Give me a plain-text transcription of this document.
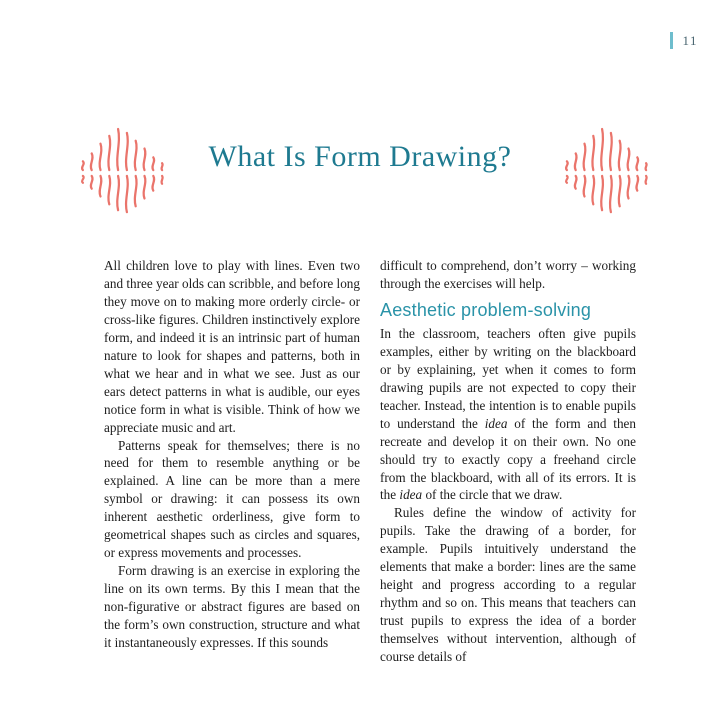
11
What Is Form Drawing?

All children love to play with lines. Even two and three year olds can scribble, and before long they move on to making more orderly circle- or cross-like figures. Children instinctively explore form, and indeed it is an intrinsic part of human nature to look for shapes and patterns, both in what we hear and in what we see. Just as our ears detect patterns in what is audible, our eyes notice form in what is visible. Think of how we appreciate music and art.

Patterns speak for themselves; there is no need for them to resemble anything or be explained. A line can be more than a mere symbol or drawing: it can possess its own inherent aesthetic orderliness, give form to geometrical shapes such as circles and squares, or express movements and processes.

Form drawing is an exercise in exploring the line on its own terms. By this I mean that the non-figurative or abstract figures are based on the form’s own construction, structure and what it instantaneously expresses. If this sounds

difficult to comprehend, don’t worry – working through the exercises will help.

Aesthetic problem-solving

In the classroom, teachers often give pupils examples, either by writing on the blackboard or by explaining, yet when it comes to form drawing pupils are not expected to copy their teacher. Instead, the intention is to enable pupils to understand the idea of the form and then recreate and develop it on their own. No one should try to exactly copy a freehand circle from the blackboard, with all of its errors. It is the idea of the circle that we draw.

Rules define the window of activity for pupils. Take the drawing of a border, for example. Pupils intuitively understand the elements that make a border: lines are the same height and progress according to a regular rhythm and so on. This means that teachers can trust pupils to express the idea of a border themselves without intervention, although of course details of
